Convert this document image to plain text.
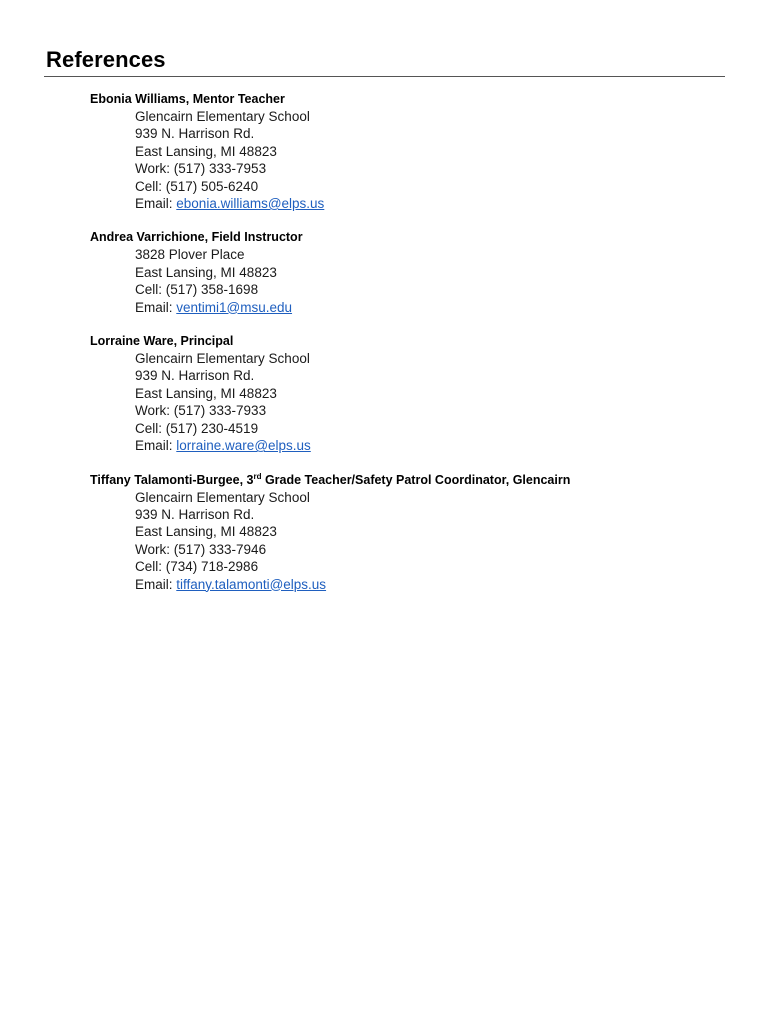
References
Ebonia Williams, Mentor Teacher
Glencairn Elementary School
939 N. Harrison Rd.
East Lansing, MI 48823
Work: (517) 333-7953
Cell: (517) 505-6240
Email: ebonia.williams@elps.us
Andrea Varrichione, Field Instructor
3828 Plover Place
East Lansing, MI 48823
Cell: (517) 358-1698
Email: ventimi1@msu.edu
Lorraine Ware, Principal
Glencairn Elementary School
939 N. Harrison Rd.
East Lansing, MI 48823
Work: (517) 333-7933
Cell: (517) 230-4519
Email: lorraine.ware@elps.us
Tiffany Talamonti-Burgee, 3rd Grade Teacher/Safety Patrol Coordinator, Glencairn
Glencairn Elementary School
939 N. Harrison Rd.
East Lansing, MI 48823
Work: (517) 333-7946
Cell: (734) 718-2986
Email: tiffany.talamonti@elps.us
